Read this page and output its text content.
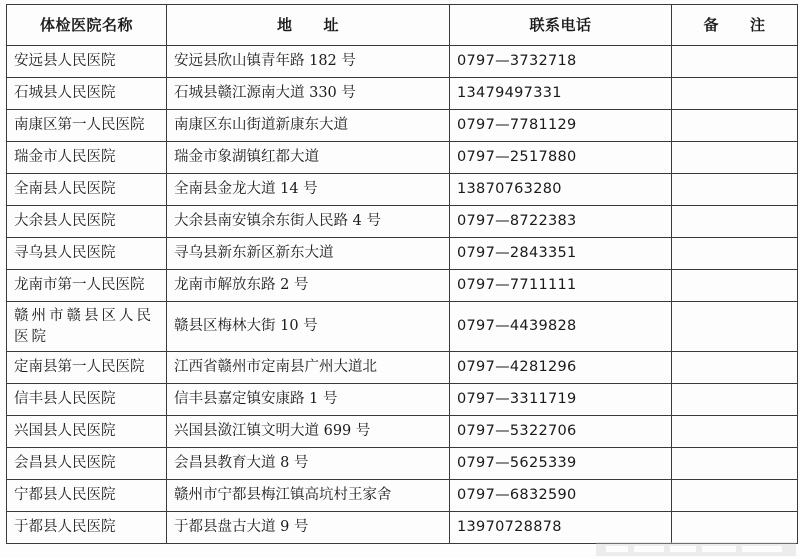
体检医院名称	地　　址	联系电话	备　　注
安远县人民医院	安远县欣山镇青年路 182 号	0797—3732718	
石城县人民医院	石城县赣江源南大道 330 号	13479497331	
南康区第一人民医院	南康区东山街道新康东大道	0797—7781129	
瑞金市人民医院	瑞金市象湖镇红都大道	0797—2517880	
全南县人民医院	全南县金龙大道 14 号	13870763280	
大余县人民医院	大余县南安镇余东街人民路 4 号	0797—8722383	
寻乌县人民医院	寻乌县新东新区新东大道	0797—2843351	
龙南市第一人民医院	龙南市解放东路 2 号	0797—7711111	
赣州市赣县区人民医院	赣县区梅林大街 10 号	0797—4439828	
定南县第一人民医院	江西省赣州市定南县广州大道北	0797—4281296	
信丰县人民医院	信丰县嘉定镇安康路 1 号	0797—3311719	
兴国县人民医院	兴国县潋江镇文明大道 699 号	0797—5322706	
会昌县人民医院	会昌县教育大道 8 号	0797—5625339	
宁都县人民医院	赣州市宁都县梅江镇高坑村王家舍	0797—6832590	
于都县人民医院	于都县盘古大道 9 号	13970728878	
